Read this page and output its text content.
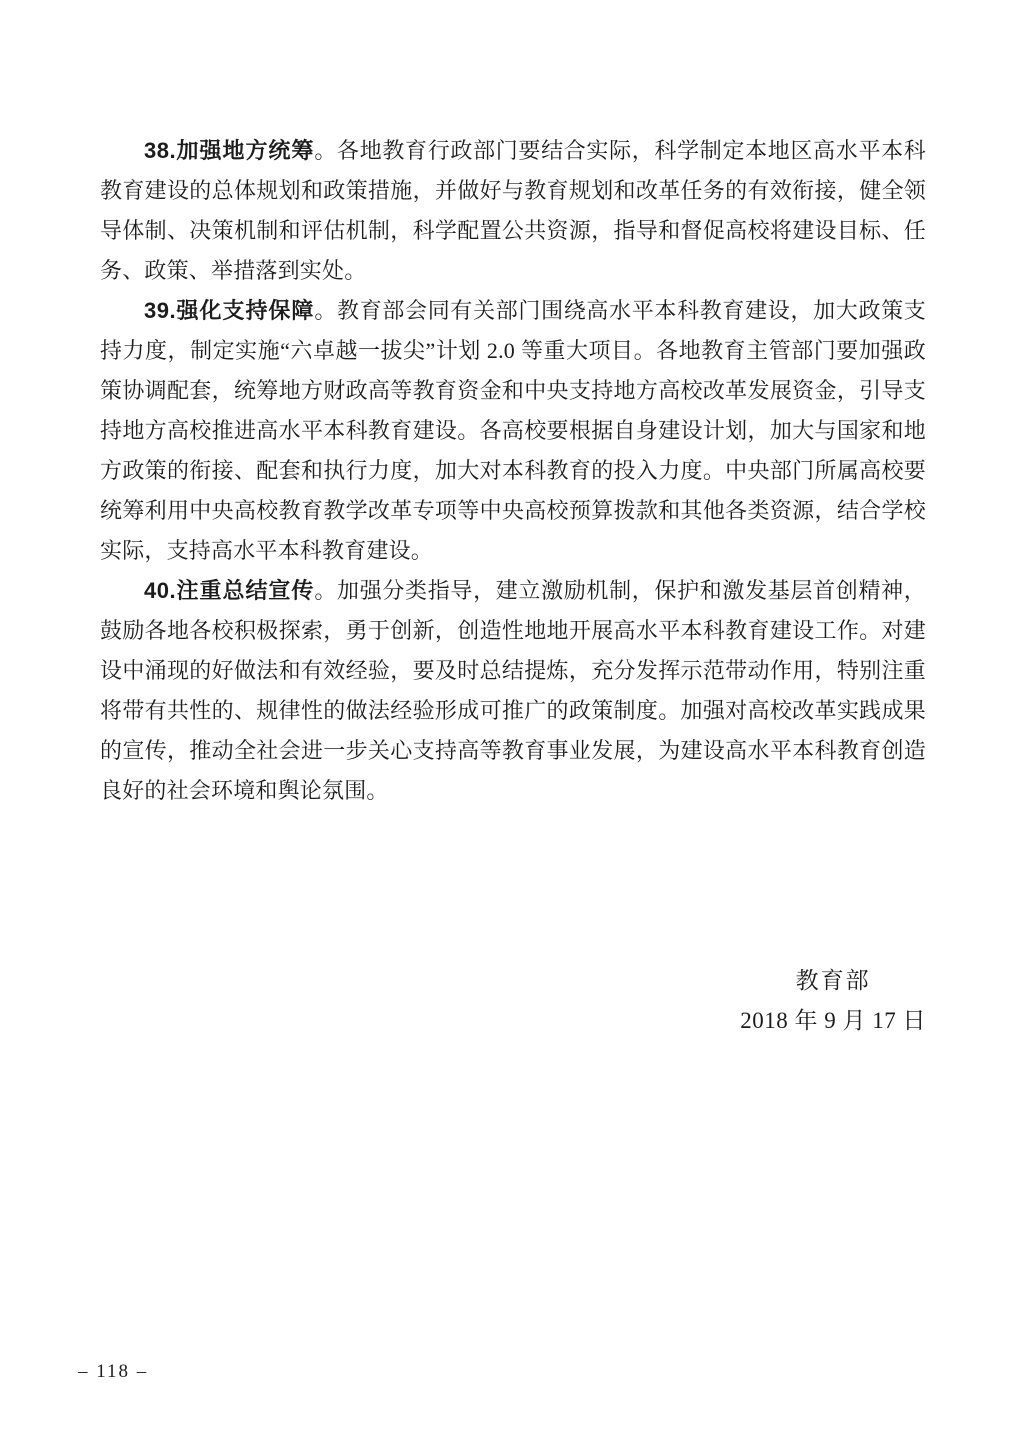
38.加强地方统筹。各地教育行政部门要结合实际，科学制定本地区高水平本科教育建设的总体规划和政策措施，并做好与教育规划和改革任务的有效衔接，健全领导体制、决策机制和评估机制，科学配置公共资源，指导和督促高校将建设目标、任务、政策、举措落到实处。

39.强化支持保障。教育部会同有关部门围绕高水平本科教育建设，加大政策支持力度，制定实施“六卓越一拔尖”计划 2.0 等重大项目。各地教育主管部门要加强政策协调配套，统筹地方财政高等教育资金和中央支持地方高校改革发展资金，引导支持地方高校推进高水平本科教育建设。各高校要根据自身建设计划，加大与国家和地方政策的衔接、配套和执行力度，加大对本科教育的投入力度。中央部门所属高校要统筹利用中央高校教育教学改革专项等中央高校预算拨款和其他各类资源，结合学校实际，支持高水平本科教育建设。

40.注重总结宣传。加强分类指导，建立激励机制，保护和激发基层首创精神，鼓励各地各校积极探索，勇于创新，创造性地地开展高水平本科教育建设工作。对建设中涌现的好做法和有效经验，要及时总结提炼，充分发挥示范带动作用，特别注重将带有共性的、规律性的做法经验形成可推广的政策制度。加强对高校改革实践成果的宣传，推动全社会进一步关心支持高等教育事业发展，为建设高水平本科教育创造良好的社会环境和舆论氛围。

教育部
2018 年 9 月 17 日
– 118 –
